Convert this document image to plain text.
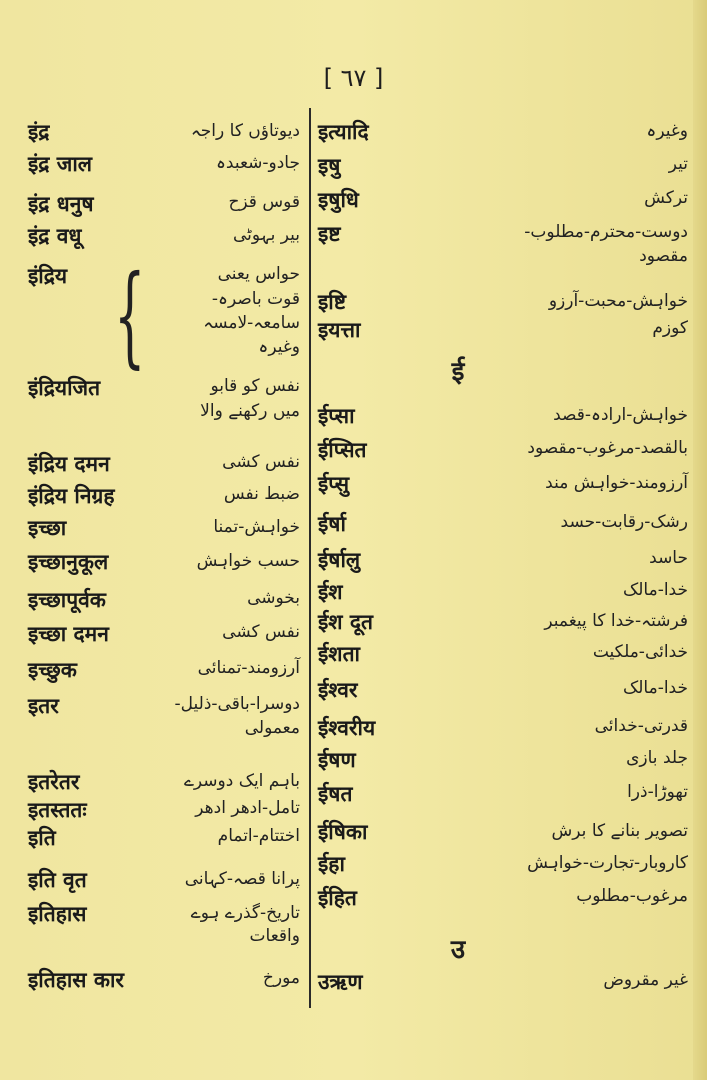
[ ٦٧ ]
{
इंद्र	دیوتاؤں کا راجہ
इंद्र जाल	جادو-شعبدہ
इंद्र धनुष	قوس قزح
इंद्र वधू	بیر بہوٹی
इंद्रिय	حواس یعنی
قوت باصرہ-
سامعہ-لامسہ
وغیرہ
इंद्रियजित	نفس کو قابو
میں رکھنے والا
इंद्रिय दमन	نفس کشی
इंद्रिय निग्रह	ضبط نفس
इच्छा	خواہش-تمنا
इच्छानुकूल	حسب خواہش
इच्छापूर्वक	بخوشی
इच्छा दमन	نفس کشی
इच्छुक	آرزومند-تمنائی
इतर	دوسرا-باقی-ذلیل-
معمولی
इतरेतर	باہم ایک دوسرے
इतस्ततः	تامل-ادھر ادھر
इति	اختتام-اتمام
इति वृत	پرانا قصہ-کہانی
इतिहास	تاریخ-گذرے ہوے
واقعات
इतिहास कार	مورخ
इत्यादि	وغیرہ
इषु	تیر
इषुधि	ترکش
इष्ट	دوست-محترم-مطلوب-
مقصود
इष्टि	خواہش-محبت-آرزو
इयत्ता	کوزم
ई
ईप्सा	خواہش-ارادہ-قصد
ईप्सित	بالقصد-مرغوب-مقصود
ईप्सु	آرزومند-خواہش مند
ईर्षा	رشک-رقابت-حسد
ईर्षालु	حاسد
ईश	خدا-مالک
ईश दूत	فرشتہ-خدا کا پیغمبر
ईशता	خدائی-ملکیت
ईश्वर	خدا-مالک
ईश्वरीय	قدرتی-خدائی
ईषण	جلد بازی
ईषत	تھوڑا-ذرا
ईषिका	تصویر بنانے کا برش
ईहा	کاروبار-تجارت-خواہش
ईहित	مرغوب-مطلوب
उ
उऋण	غیر مقروض
